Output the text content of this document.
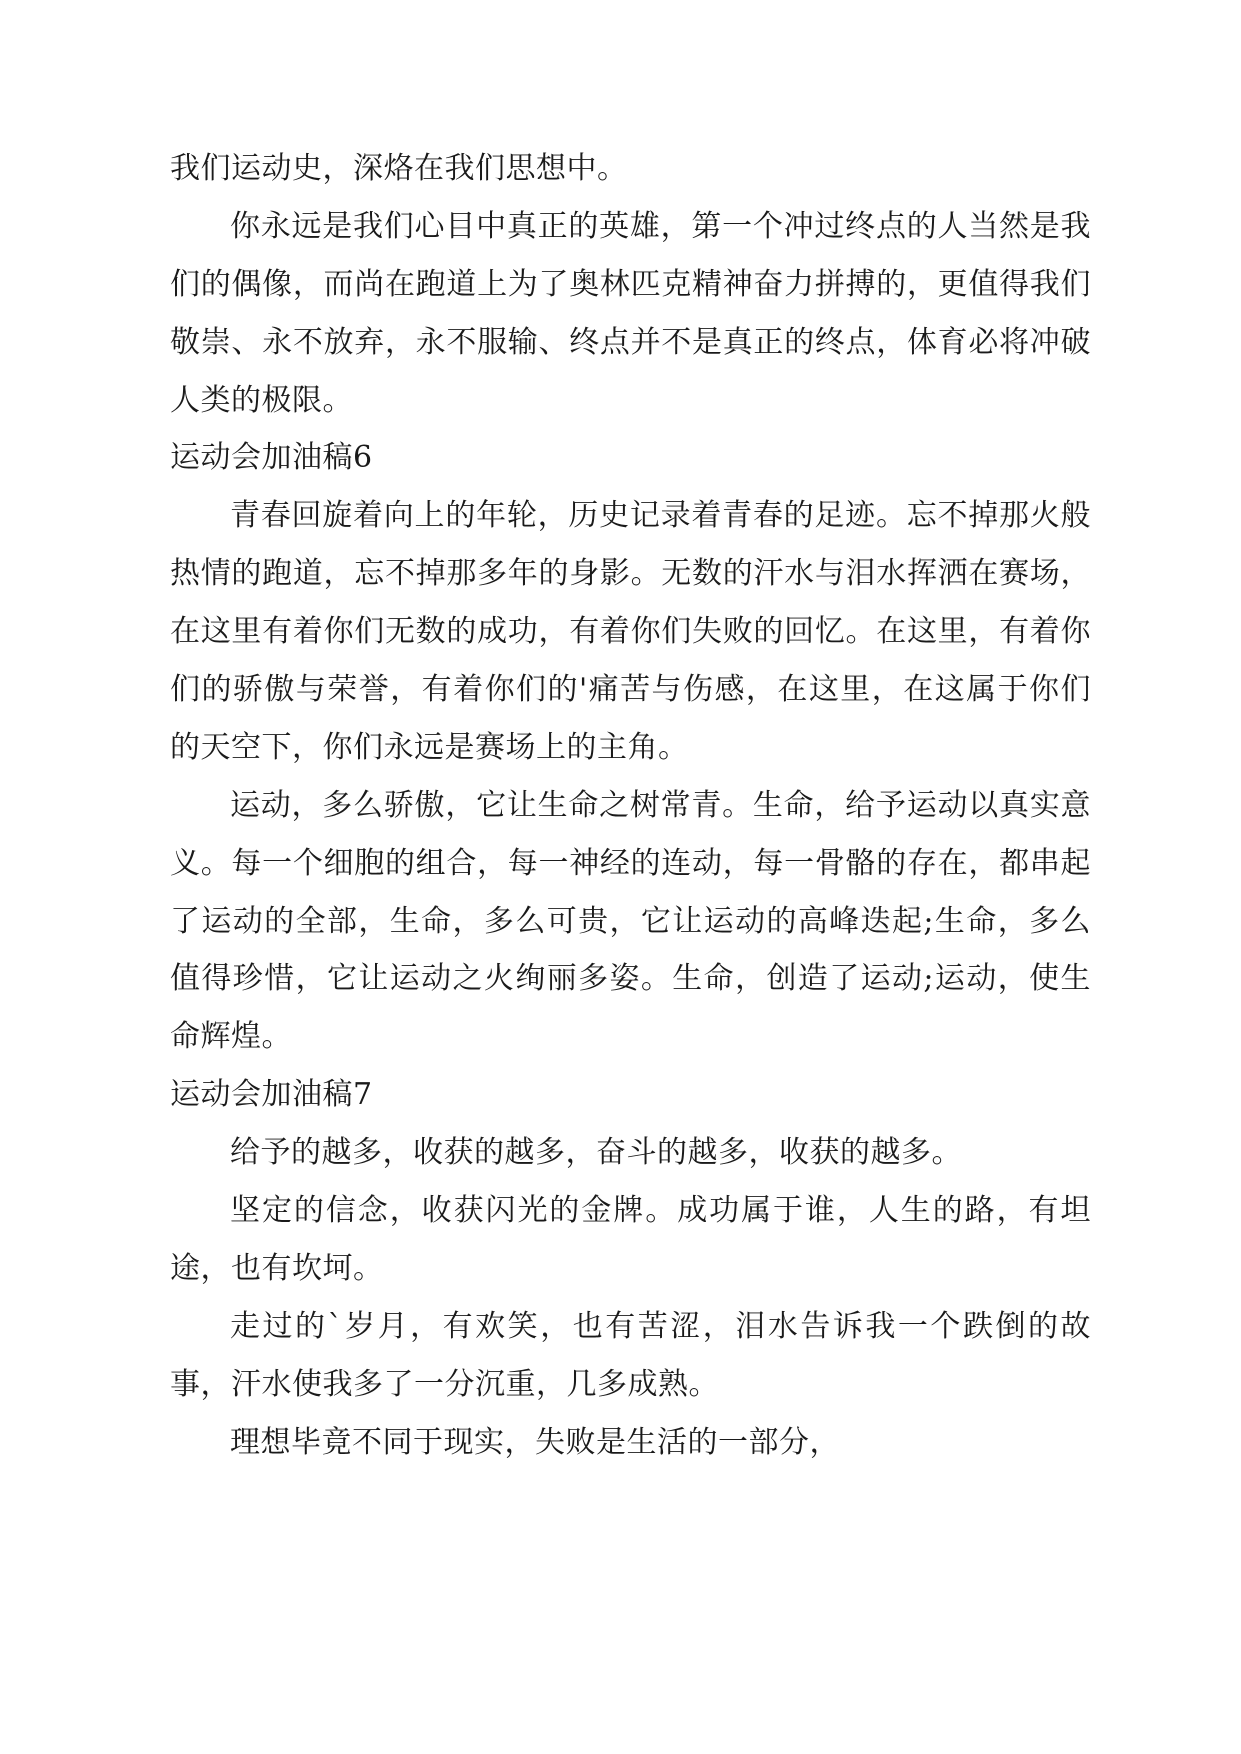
我们运动史，深烙在我们思想中。

你永远是我们心目中真正的英雄，第一个冲过终点的人当然是我们的偶像，而尚在跑道上为了奥林匹克精神奋力拼搏的，更值得我们敬崇、永不放弃，永不服输、终点并不是真正的终点，体育必将冲破人类的极限。

运动会加油稿6

青春回旋着向上的年轮，历史记录着青春的足迹。忘不掉那火般热情的跑道，忘不掉那多年的身影。无数的汗水与泪水挥洒在赛场，在这里有着你们无数的成功，有着你们失败的回忆。在这里，有着你们的骄傲与荣誉，有着你们的'痛苦与伤感，在这里，在这属于你们的天空下，你们永远是赛场上的主角。

运动，多么骄傲，它让生命之树常青。生命，给予运动以真实意义。每一个细胞的组合，每一神经的连动，每一骨骼的存在，都串起了运动的全部，生命，多么可贵，它让运动的高峰迭起;生命，多么值得珍惜，它让运动之火绚丽多姿。生命，创造了运动;运动，使生命辉煌。

运动会加油稿7

给予的越多，收获的越多，奋斗的越多，收获的越多。

坚定的信念，收获闪光的金牌。成功属于谁，人生的路，有坦途，也有坎坷。

走过的`岁月，有欢笑，也有苦涩，泪水告诉我一个跌倒的故事，汗水使我多了一分沉重，几多成熟。

理想毕竟不同于现实，失败是生活的一部分，
